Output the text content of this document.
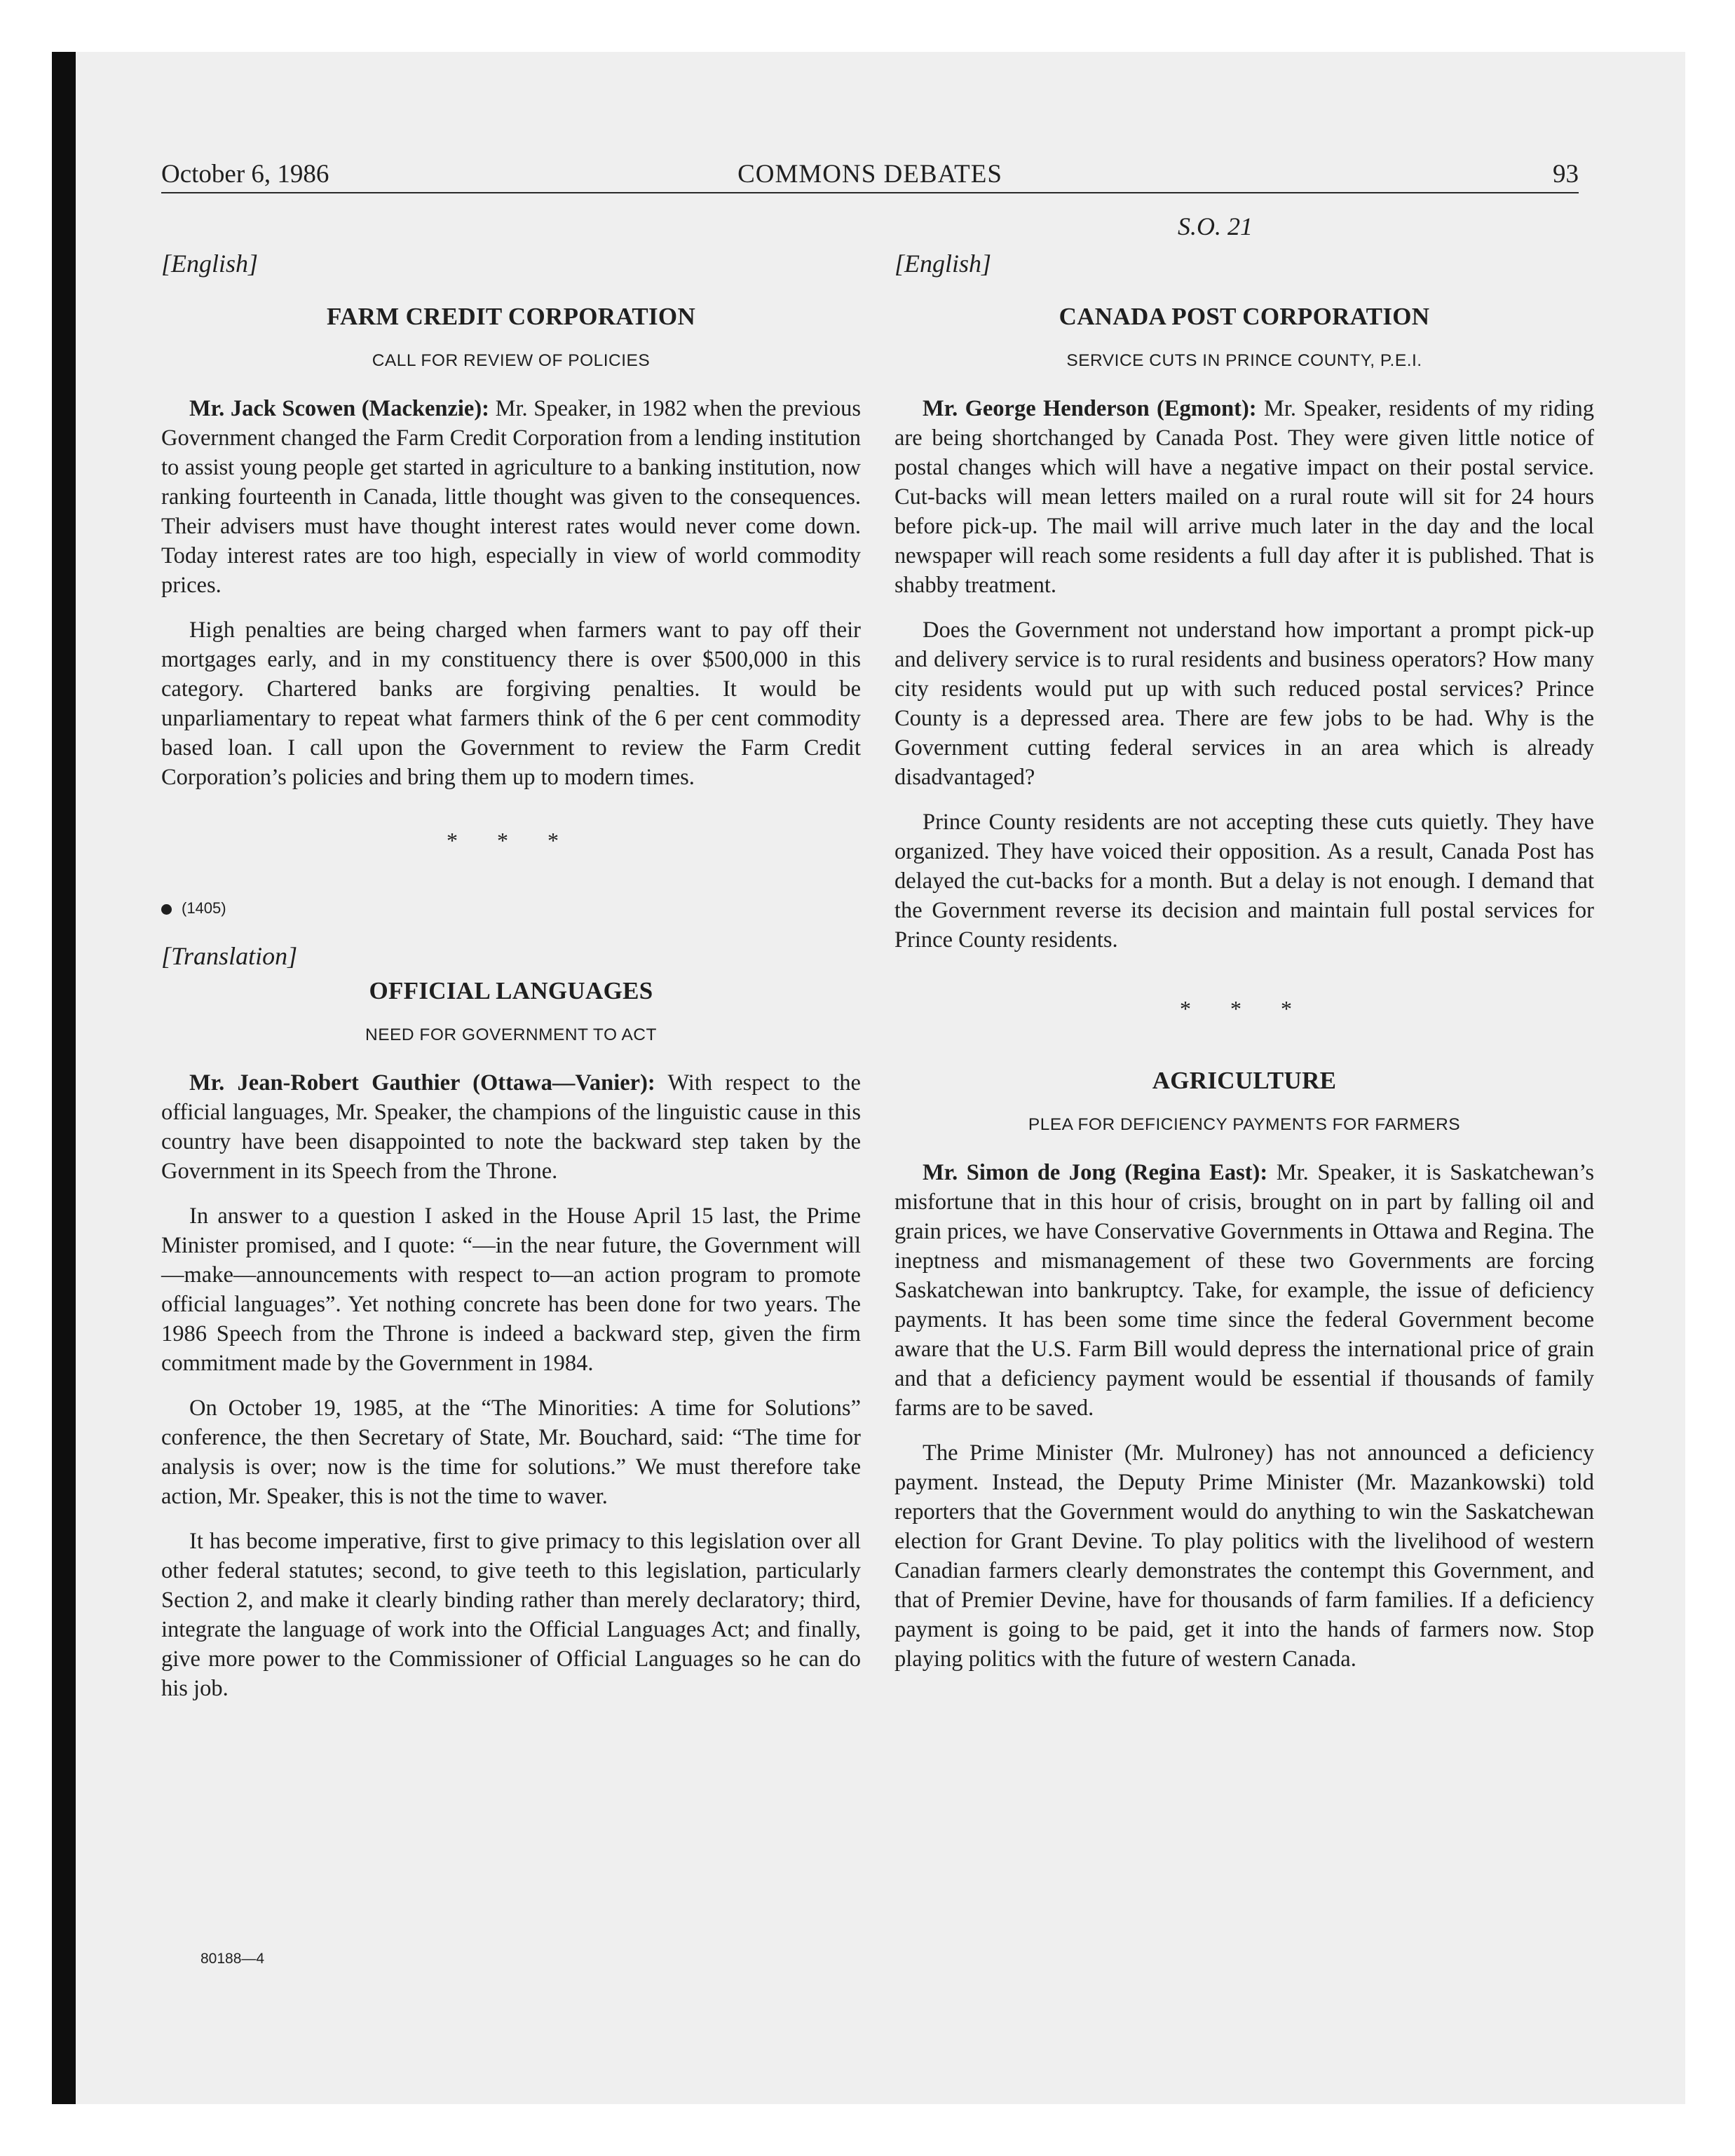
October 6, 1986	COMMONS DEBATES	93
S.O. 21
[English]
FARM CREDIT CORPORATION
CALL FOR REVIEW OF POLICIES

Mr. Jack Scowen (Mackenzie): Mr. Speaker, in 1982 when the previous Government changed the Farm Credit Corporation from a lending institution to assist young people get started in agriculture to a banking institution, now ranking fourteenth in Canada, little thought was given to the consequences. Their advisers must have thought interest rates would never come down. Today interest rates are too high, especially in view of world commodity prices.

High penalties are being charged when farmers want to pay off their mortgages early, and in my constituency there is over $500,000 in this category. Chartered banks are forgiving penalties. It would be unparliamentary to repeat what farmers think of the 6 per cent commodity based loan. I call upon the Government to review the Farm Credit Corporation’s policies and bring them up to modern times.

* * *
(1405)
[Translation]
OFFICIAL LANGUAGES
NEED FOR GOVERNMENT TO ACT

Mr. Jean-Robert Gauthier (Ottawa—Vanier): With respect to the official languages, Mr. Speaker, the champions of the linguistic cause in this country have been disappointed to note the backward step taken by the Government in its Speech from the Throne.

In answer to a question I asked in the House April 15 last, the Prime Minister promised, and I quote: “—in the near future, the Government will—make—announcements with respect to—an action program to promote official languages”. Yet nothing concrete has been done for two years. The 1986 Speech from the Throne is indeed a backward step, given the firm commitment made by the Government in 1984.

On October 19, 1985, at the “The Minorities: A time for Solutions” conference, the then Secretary of State, Mr. Bouchard, said: “The time for analysis is over; now is the time for solutions.” We must therefore take action, Mr. Speaker, this is not the time to waver.

It has become imperative, first to give primacy to this legislation over all other federal statutes; second, to give teeth to this legislation, particularly Section 2, and make it clearly binding rather than merely declaratory; third, integrate the language of work into the Official Languages Act; and finally, give more power to the Commissioner of Official Languages so he can do his job.

[English]
CANADA POST CORPORATION
SERVICE CUTS IN PRINCE COUNTY, P.E.I.

Mr. George Henderson (Egmont): Mr. Speaker, residents of my riding are being shortchanged by Canada Post. They were given little notice of postal changes which will have a negative impact on their postal service. Cut-backs will mean letters mailed on a rural route will sit for 24 hours before pick-up. The mail will arrive much later in the day and the local newspaper will reach some residents a full day after it is published. That is shabby treatment.

Does the Government not understand how important a prompt pick-up and delivery service is to rural residents and business operators? How many city residents would put up with such reduced postal services? Prince County is a depressed area. There are few jobs to be had. Why is the Government cutting federal services in an area which is already disadvantaged?

Prince County residents are not accepting these cuts quietly. They have organized. They have voiced their opposition. As a result, Canada Post has delayed the cut-backs for a month. But a delay is not enough. I demand that the Government reverse its decision and maintain full postal services for Prince County residents.

* * *
AGRICULTURE
PLEA FOR DEFICIENCY PAYMENTS FOR FARMERS

Mr. Simon de Jong (Regina East): Mr. Speaker, it is Saskatchewan’s misfortune that in this hour of crisis, brought on in part by falling oil and grain prices, we have Conservative Governments in Ottawa and Regina. The ineptness and mismanagement of these two Governments are forcing Saskatchewan into bankruptcy. Take, for example, the issue of deficiency payments. It has been some time since the federal Government become aware that the U.S. Farm Bill would depress the international price of grain and that a deficiency payment would be essential if thousands of family farms are to be saved.

The Prime Minister (Mr. Mulroney) has not announced a deficiency payment. Instead, the Deputy Prime Minister (Mr. Mazankowski) told reporters that the Government would do anything to win the Saskatchewan election for Grant Devine. To play politics with the livelihood of western Canadian farmers clearly demonstrates the contempt this Government, and that of Premier Devine, have for thousands of farm families. If a deficiency payment is going to be paid, get it into the hands of farmers now. Stop playing politics with the future of western Canada.

80188—4
